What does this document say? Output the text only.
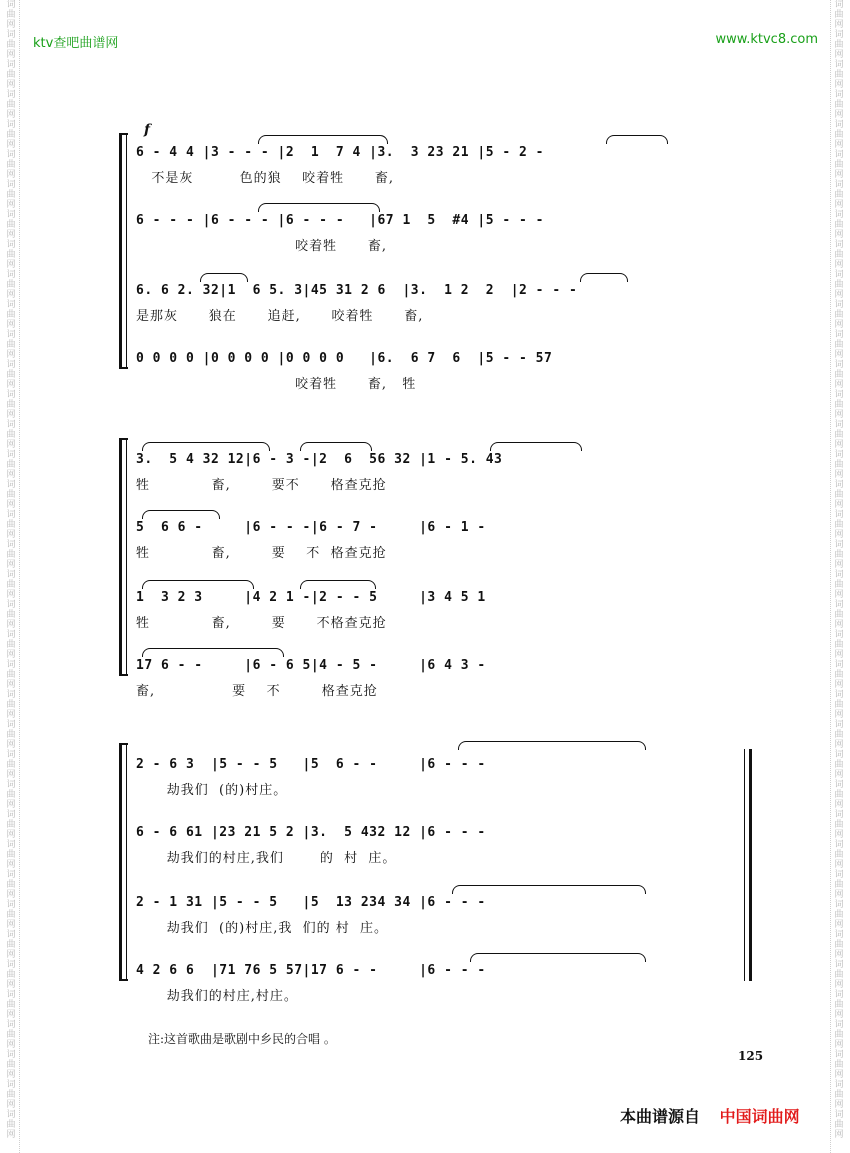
词
曲
网
词
曲
网
词
曲
网
词
曲
网
词
曲
网
词
曲
网
词
曲
网
词
曲
网
词
曲
网
词
曲
网
词
曲
网
词
曲
网
词
曲
网
词
曲
网
词
曲
网
词
曲
网
词
曲
网
词
曲
网
词
曲
网
词
曲
网
词
曲
网
词
曲
网
词
曲
网
词
曲
网
词
曲
网
词
曲
网
词
曲
网
词
曲
网
词
曲
网
词
曲
网
词
曲
网
词
曲
网
词
曲
网
词
曲
网
词
曲
网
词
曲
网
词
曲
网
词
曲
网
词
曲
网
词
曲
网
词
曲
网
词
曲
网
词
曲
网
词
曲
网
词
曲
网
词
曲
网
词
曲
网
词
曲
网
词
曲
网
词
曲
网
词
曲
网
词
曲
网
词
曲
网
词
曲
网
词
曲
网
词
曲
网
词
曲
网
词
曲
网
词
曲
网
词
曲
网
词
曲
网
词
曲
网
词
曲
网
词
曲
网
词
曲
网
词
曲
网
词
曲
网
词
曲
网
词
曲
网
词
曲
网
词
曲
网
词
曲
网
词
曲
网
词
曲
网
词
曲
网
词
曲
网
ktv查吧曲谱网	www.ktvc8.com
f
6 - 4 4 |3 - - - |2  1  7 4 |3.  3 23 21 |5 - 2 -
不是灰         色的狼    咬着牲      畜,
6 - - - |6 - - - |6 - - -   |67 1  5  #4 |5 - - -
咬着牲      畜,
6. 6 2. 32|1  6 5. 3|45 31 2 6  |3.  1 2  2  |2 - - -
是那灰      狼在      追赶,      咬着牲      畜,
0 0 0 0 |0 0 0 0 |0 0 0 0   |6.  6 7  6  |5 - - 57
咬着牲      畜,   牲
3.  5 4 32 12|6 - 3 -|2  6  56 32 |1 - 5. 43
牲            畜,        要不      格查克抢
5  6 6 -     |6 - - -|6 - 7 -     |6 - 1 -
牲            畜,        要    不  格查克抢
1  3 2 3     |4 2 1 -|2 - - 5     |3 4 5 1
牲            畜,        要      不格查克抢
17 6 - -     |6 - 6 5|4 - 5 -     |6 4 3 -
畜,               要    不        格查克抢
2 - 6 3  |5 - - 5   |5  6 - -     |6 - - -
劫我们  (的)村庄。
6 - 6 61 |23 21 5 2 |3.  5 432 12 |6 - - -
劫我们的村庄,我们       的  村  庄。
2 - 1 31 |5 - - 5   |5  13 234 34 |6 - - -
劫我们  (的)村庄,我  们的 村  庄。
4 2 6 6  |71 76 5 57|17 6 - -     |6 - - -
劫我们的村庄,村庄。
注:这首歌曲是歌剧中乡民的合唱 。
125
本曲谱源自 中国词曲网
